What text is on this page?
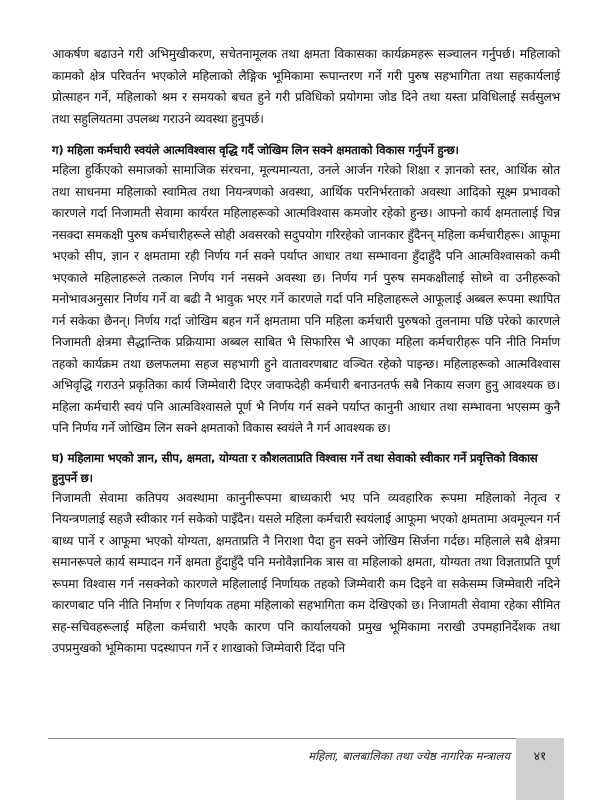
आकर्षण बढाउने गरी अभिमुखीकरण, सचेतनामूलक तथा क्षमता विकासका कार्यक्रमहरू सञ्चालन गर्नुपर्छ। महिलाको कामको क्षेत्र परिवर्तन भएकोले महिलाको लैङ्गिक भूमिकामा रूपान्तरण गर्ने गरी पुरुष सहभागिता तथा सहकार्यलाई प्रोत्साहन गर्ने, महिलाको श्रम र समयको बचत हुने गरी प्रविधिको प्रयोगमा जोड दिने तथा यस्ता प्रविधिलाई सर्वसुलभ तथा सहुलियतमा उपलब्ध गराउने व्यवस्था हुनुपर्छ।

ग) महिला कर्मचारी स्वयंले आत्मविश्वास वृद्धि गर्दै जोखिम लिन सक्ने क्षमताको विकास गर्नुपर्ने हुन्छ।

महिला हुर्किएको समाजको सामाजिक संरचना, मूल्यमान्यता, उनले आर्जन गरेको शिक्षा र ज्ञानको स्तर, आर्थिक स्रोत तथा साधनमा महिलाको स्वामित्व तथा नियन्त्रणको अवस्था, आर्थिक परनिर्भरताको अवस्था आदिको सूक्ष्म प्रभावको कारणले गर्दा निजामती सेवामा कार्यरत महिलाहरूको आत्मविश्वास कमजोर रहेको हुन्छ। आफ्नो कार्य क्षमतालाई चिन्न नसक्दा समकक्षी पुरुष कर्मचारीहरूले सोही अवसरको सदुपयोग गरिरहेको जानकार हुँदैनन् महिला कर्मचारीहरू। आफूमा भएको सीप, ज्ञान र क्षमतामा रही निर्णय गर्न सक्ने पर्याप्त आधार तथा सम्भावना हुँदाहुँदै पनि आत्मविश्वासको कमी भएकाले महिलाहरूले तत्काल निर्णय गर्न नसक्ने अवस्था छ। निर्णय गर्न पुरुष समकक्षीलाई सोध्ने वा उनीहरूको मनोभावअनुसार निर्णय गर्ने वा बढी नै भावुक भएर गर्ने कारणले गर्दा पनि महिलाहरूले आफूलाई अब्बल रूपमा स्थापित गर्न सकेका छैनन्। निर्णय गर्दा जोखिम बहन गर्ने क्षमतामा पनि महिला कर्मचारी पुरुषको तुलनामा पछि परेको कारणले निजामती क्षेत्रमा सैद्धान्तिक प्रक्रियामा अब्बल साबित भै सिफारिस भै आएका महिला कर्मचारीहरू पनि नीति निर्माण तहको कार्यक्रम तथा छलफलमा सहज सहभागी हुने वातावरणबाट वञ्चित रहेको पाइन्छ। महिलाहरूको आत्मविश्वास अभिवृद्धि गराउने प्रकृतिका कार्य जिम्मेवारी दिएर जवाफदेही कर्मचारी बनाउनतर्फ सबै निकाय सजग हुनु आवश्यक छ। महिला कर्मचारी स्वयं पनि आत्मविश्वासले पूर्ण भै निर्णय गर्न सक्ने पर्याप्त कानुनी आधार तथा सम्भावना भएसम्म कुनै पनि निर्णय गर्ने जोखिम लिन सक्ने क्षमताको विकास स्वयंले नै गर्न आवश्यक छ।

घ) महिलामा भएको ज्ञान, सीप, क्षमता, योग्यता र कौशलताप्रति विश्वास गर्ने तथा सेवाको स्वीकार गर्ने प्रवृत्तिको विकास हुनुपर्ने छ।

निजामती सेवामा कतिपय अवस्थामा कानुनीरूपमा बाध्यकारी भए पनि व्यवहारिक रूपमा महिलाको नेतृत्व र नियन्त्रणलाई सहजै स्वीकार गर्न सकेको पाइँदैन। यसले महिला कर्मचारी स्वयंलाई आफूमा भएको क्षमतामा अवमूल्यन गर्न बाध्य पार्ने र आफूमा भएको योग्यता, क्षमताप्रति नै निराशा पैदा हुन सक्ने जोखिम सिर्जना गर्दछ। महिलाले सबै क्षेत्रमा समानरूपले कार्य सम्पादन गर्ने क्षमता हुँदाहुँदै पनि मनोवैज्ञानिक त्रास वा महिलाको क्षमता, योग्यता तथा विज्ञताप्रति पूर्ण रूपमा विश्वास गर्न नसक्नेको कारणले महिलालाई निर्णायक तहको जिम्मेवारी कम दिइने वा सकेसम्म जिम्मेवारी नदिने कारणबाट पनि नीति निर्माण र निर्णायक तहमा महिलाको सहभागिता कम देखिएको छ। निजामती सेवामा रहेका सीमित सह-सचिवहरूलाई महिला कर्मचारी भएकै कारण पनि कार्यालयको प्रमुख भूमिकामा नराखी उपमहानिर्देशक तथा उपप्रमुखको भूमिकामा पदस्थापन गर्ने र शाखाको जिम्मेवारी दिंदा पनि

महिला, बालबालिका तथा ज्येष्ठ नागरिक मन्त्रालय	४१
